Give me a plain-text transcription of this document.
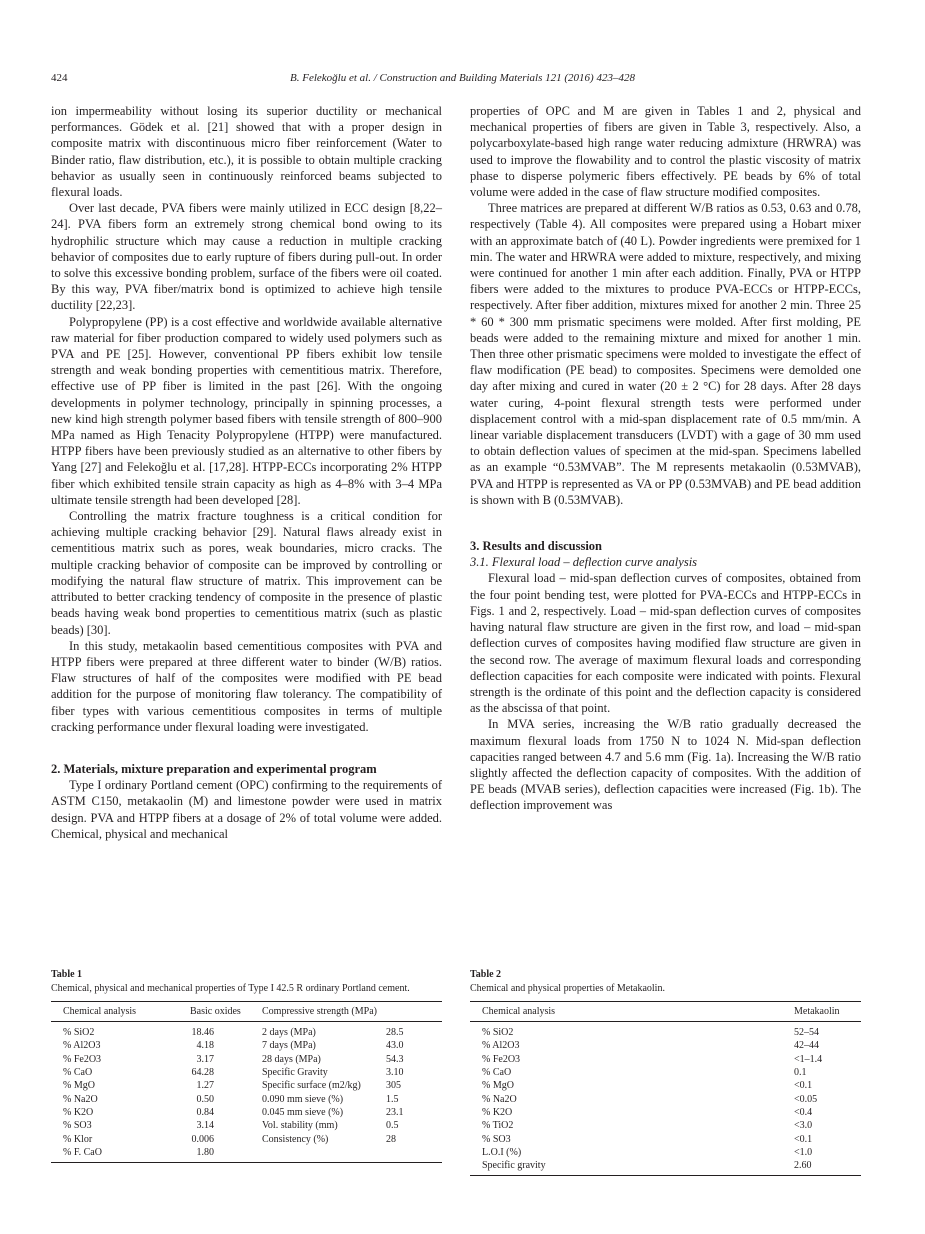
424	B. Felekoğlu et al. / Construction and Building Materials 121 (2016) 423–428

ion impermeability without losing its superior ductility or mechanical performances. Gödek et al. [21] showed that with a proper design in composite matrix with discontinuous micro fiber reinforcement (Water to Binder ratio, flaw distribution, etc.), it is possible to obtain multiple cracking behavior as usually seen in continuously reinforced beams subjected to flexural loads.

Over last decade, PVA fibers were mainly utilized in ECC design [8,22–24]. PVA fibers form an extremely strong chemical bond owing to its hydrophilic structure which may cause a reduction in multiple cracking behavior of composites due to early rupture of fibers during pull-out. In order to solve this excessive bonding problem, surface of the fibers were oil coated. By this way, PVA fiber/matrix bond is optimized to achieve high tensile ductility [22,23].

Polypropylene (PP) is a cost effective and worldwide available alternative raw material for fiber production compared to widely used polymers such as PVA and PE [25]. However, conventional PP fibers exhibit low tensile strength and weak bonding properties with cementitious matrix. Therefore, effective use of PP fiber is limited in the past [26]. With the ongoing developments in polymer technology, principally in spinning processes, a new kind high strength polymer based fibers with tensile strength of 800–900 MPa named as High Tenacity Polypropylene (HTPP) were manufactured. HTPP fibers have been previously studied as an alternative to other fibers by Yang [27] and Felekoğlu et al. [17,28]. HTPP-ECCs incorporating 2% HTPP fiber which exhibited tensile strain capacity as high as 4–8% with 3–4 MPa ultimate tensile strength had been developed [28].

Controlling the matrix fracture toughness is a critical condition for achieving multiple cracking behavior [29]. Natural flaws already exist in cementitious matrix such as pores, weak boundaries, micro cracks. The multiple cracking behavior of composite can be improved by controlling or modifying the natural flaw structure of matrix. This improvement can be attributed to better cracking tendency of composite in the presence of plastic beads having weak bond properties to cementitious matrix (such as plastic beads) [30].

In this study, metakaolin based cementitious composites with PVA and HTPP fibers were prepared at three different water to binder (W/B) ratios. Flaw structures of half of the composites were modified with PE bead addition for the purpose of monitoring flaw tolerancy. The compatibility of fiber types with various cementitious composites in terms of multiple cracking performance under flexural loading were investigated.

2. Materials, mixture preparation and experimental program

Type I ordinary Portland cement (OPC) confirming to the requirements of ASTM C150, metakaolin (M) and limestone powder were used in matrix design. PVA and HTPP fibers at a dosage of 2% of total volume were added. Chemical, physical and mechanical

properties of OPC and M are given in Tables 1 and 2, physical and mechanical properties of fibers are given in Table 3, respectively. Also, a polycarboxylate-based high range water reducing admixture (HRWRA) was used to improve the flowability and to control the plastic viscosity of matrix phase to disperse polymeric fibers effectively. PE beads by 6% of total volume were added in the case of flaw structure modified composites.

Three matrices are prepared at different W/B ratios as 0.53, 0.63 and 0.78, respectively (Table 4). All composites were prepared using a Hobart mixer with an approximate batch of (40 L). Powder ingredients were premixed for 1 min. The water and HRWRA were added to mixture, respectively, and mixing were continued for another 1 min after each addition. Finally, PVA or HTPP fibers were added to the mixtures to produce PVA-ECCs or HTPP-ECCs, respectively. After fiber addition, mixtures mixed for another 2 min. Three 25 * 60 * 300 mm prismatic specimens were molded. After first molding, PE beads were added to the remaining mixture and mixed for another 1 min. Then three other prismatic specimens were molded to investigate the effect of flaw modification (PE bead) to composites. Specimens were demolded one day after mixing and cured in water (20 ± 2 °C) for 28 days. After 28 days water curing, 4-point flexural strength tests were performed under displacement control with a mid-span displacement rate of 0.5 mm/min. A linear variable displacement transducers (LVDT) with a gage of 30 mm used to obtain deflection values of specimen at the mid-span. Specimens labelled as an example “0.53MVAB”. The M represents metakaolin (0.53MVAB), PVA and HTPP is represented as VA or PP (0.53MVAB) and PE bead addition is shown with B (0.53MVAB).

3. Results and discussion

3.1. Flexural load – deflection curve analysis

Flexural load – mid-span deflection curves of composites, obtained from the four point bending test, were plotted for PVA-ECCs and HTPP-ECCs in Figs. 1 and 2, respectively. Load – mid-span deflection curves of composites having natural flaw structure are given in the first row, and load – mid-span deflection curves of composites having modified flaw structure are given in the second row. The average of maximum flexural loads and corresponding deflection capacities for each composite were indicated with points. Flexural strength is the ordinate of this point and the deflection capacity is considered as the abscissa of that point.

In MVA series, increasing the W/B ratio gradually decreased the maximum flexural loads from 1750 N to 1024 N. Mid-span deflection capacities ranged between 4.7 and 5.6 mm (Fig. 1a). Increasing the W/B ratio slightly affected the deflection capacity of composites. With the addition of PE beads (MVAB series), deflection capacities were increased (Fig. 1b). The deflection improvement was

Table 1
Chemical, physical and mechanical properties of Type I 42.5 R ordinary Portland cement.
Chemical analysis	Basic oxides	Compressive strength (MPa)	
% SiO2	18.46	2 days (MPa)	28.5
% Al2O3	4.18	7 days (MPa)	43.0
% Fe2O3	3.17	28 days (MPa)	54.3
% CaO	64.28	Specific Gravity	3.10
% MgO	1.27	Specific surface (m2/kg)	305
% Na2O	0.50	0.090 mm sieve (%)	1.5
% K2O	0.84	0.045 mm sieve (%)	23.1
% SO3	3.14	Vol. stability (mm)	0.5
% Klor	0.006	Consistency (%)	28
% F. CaO	1.80		
Table 2
Chemical and physical properties of Metakaolin.
Chemical analysis	Metakaolin
% SiO2	52–54
% Al2O3	42–44
% Fe2O3	<1–1.4
% CaO	0.1
% MgO	<0.1
% Na2O	<0.05
% K2O	<0.4
% TiO2	<3.0
% SO3	<0.1
L.O.I (%)	<1.0
Specific gravity	2.60
